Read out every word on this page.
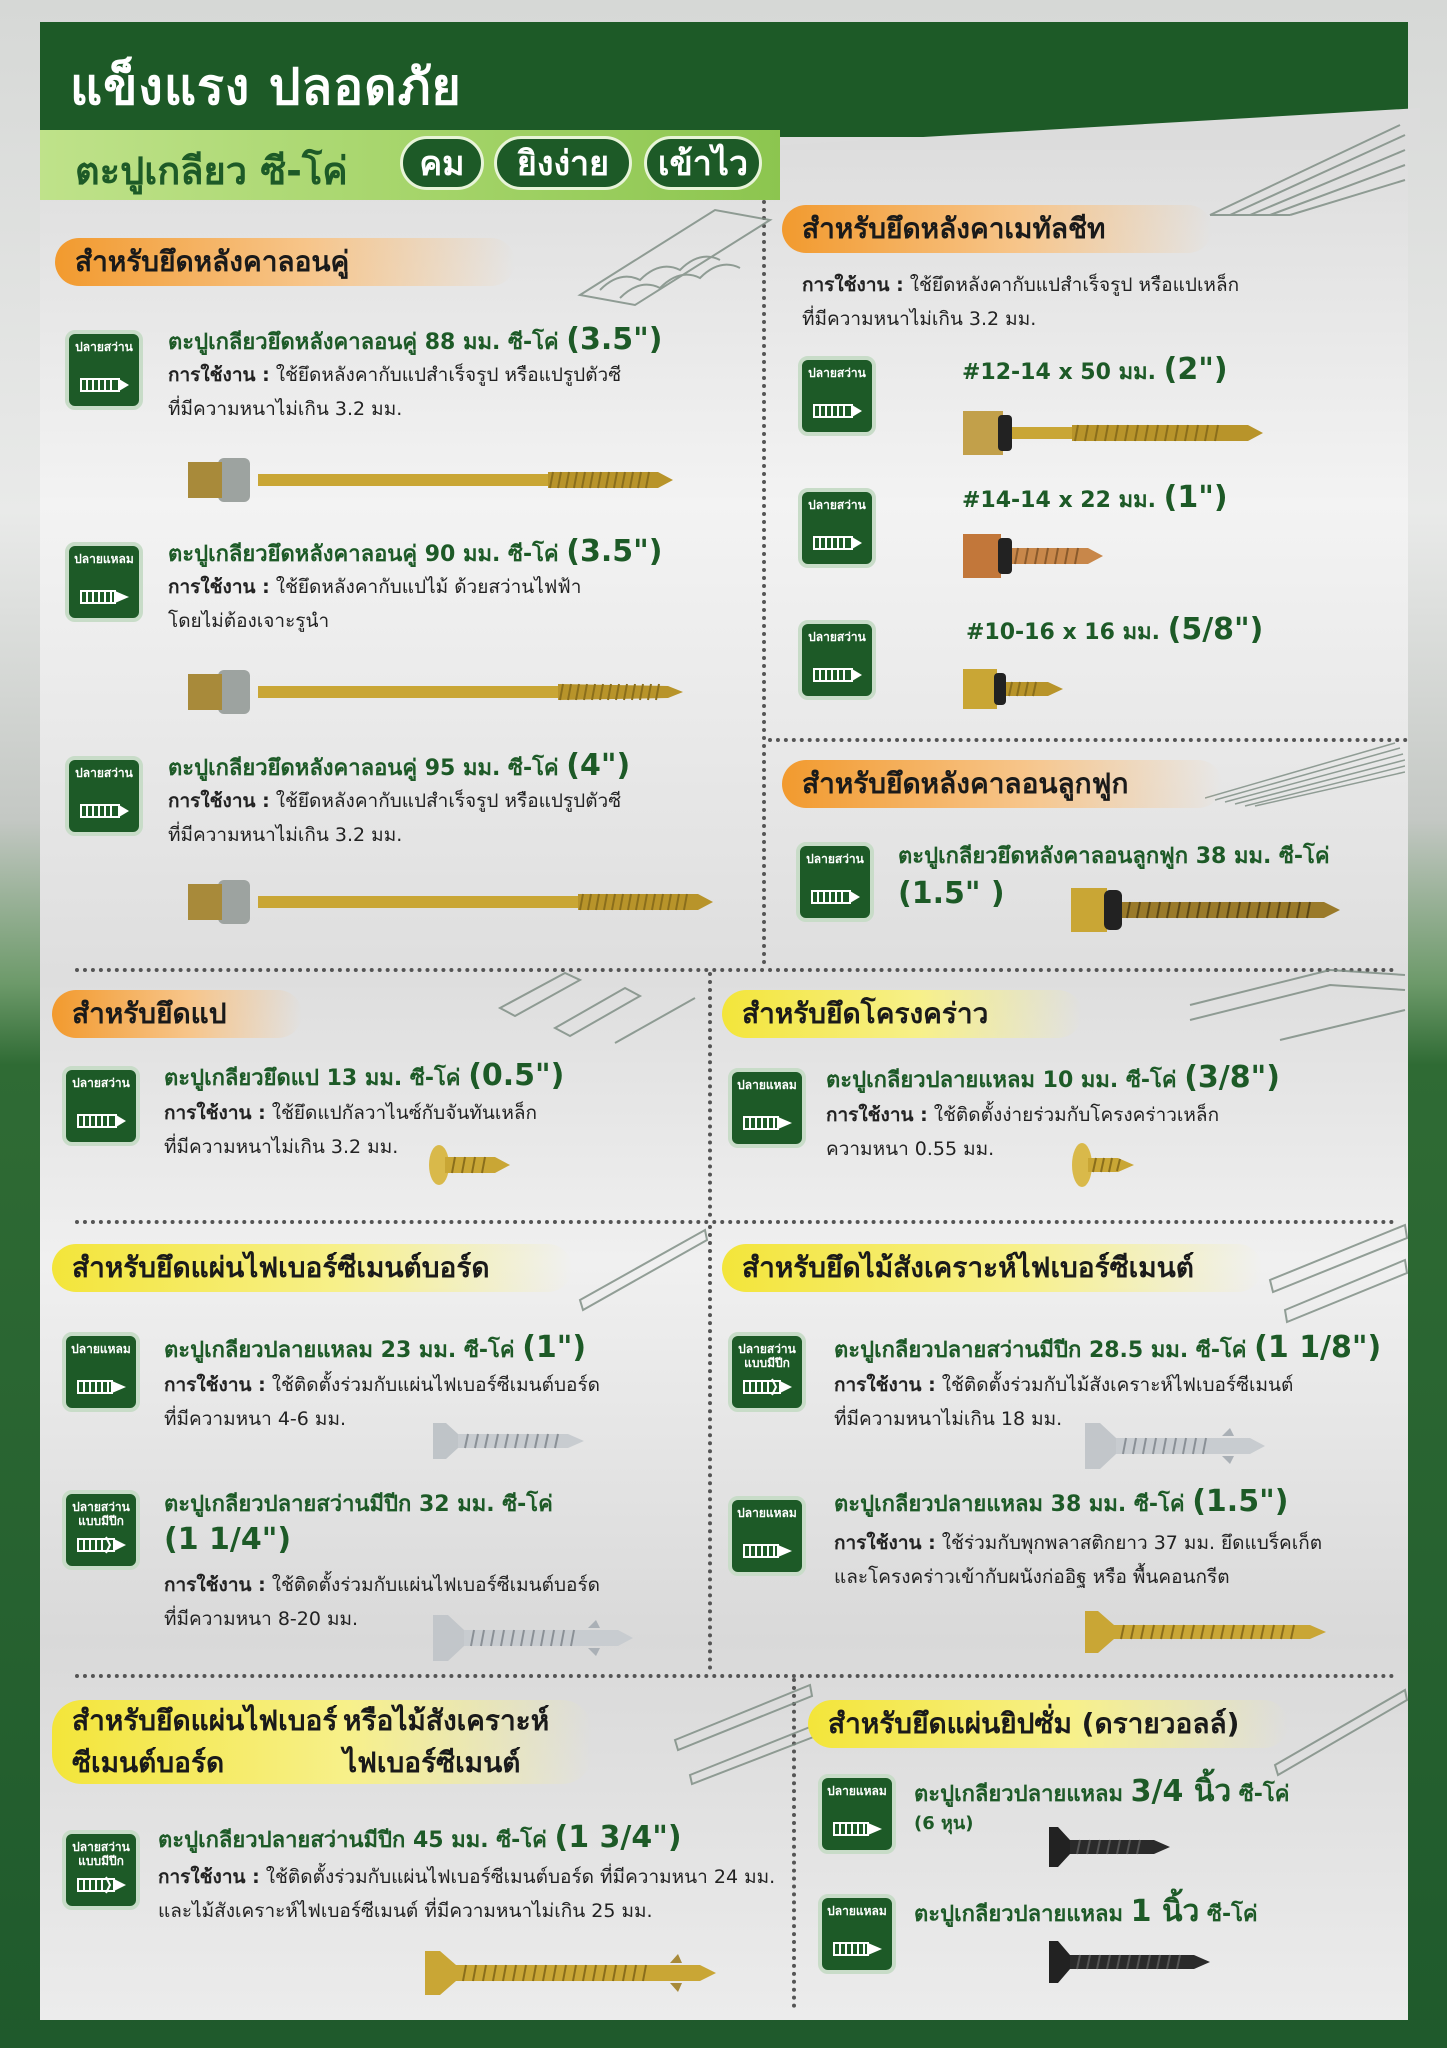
แข็งแรง ปลอดภัย
ตะปูเกลียว ซี-โค่	คม	ยิงง่าย	เข้าไว
สำหรับยึดหลังคาลอนคู่
ปลายสว่าน ตะปูเกลียวยึดหลังคาลอนคู่ 88 มม. ซี-โค่ (3.5")
การใช้งาน : ใช้ยึดหลังคากับแปสำเร็จรูป หรือแปรูปตัวซี
ที่มีความหนาไม่เกิน 3.2 มม.
ปลายแหลม ตะปูเกลียวยึดหลังคาลอนคู่ 90 มม. ซี-โค่ (3.5")
การใช้งาน : ใช้ยึดหลังคากับแปไม้ ด้วยสว่านไฟฟ้า
โดยไม่ต้องเจาะรูนำ
ปลายสว่าน ตะปูเกลียวยึดหลังคาลอนคู่ 95 มม. ซี-โค่ (4")
การใช้งาน : ใช้ยึดหลังคากับแปสำเร็จรูป หรือแปรูปตัวซี
ที่มีความหนาไม่เกิน 3.2 มม.
สำหรับยึดหลังคาเมทัลชีท
การใช้งาน : ใช้ยึดหลังคากับแปสำเร็จรูป หรือแปเหล็ก
ที่มีความหนาไม่เกิน 3.2 มม.
ปลายสว่าน	#12-14 x 50 มม. (2")
ปลายสว่าน	#14-14 x 22 มม. (1")
ปลายสว่าน	#10-16 x 16 มม. (5/8")
สำหรับยึดหลังคาลอนลูกฟูก
ปลายสว่าน ตะปูเกลียวยึดหลังคาลอนลูกฟูก 38 มม. ซี-โค่
(1.5" )
สำหรับยึดแป
ปลายสว่าน ตะปูเกลียวยึดแป 13 มม. ซี-โค่ (0.5")
การใช้งาน : ใช้ยึดแปกัลวาไนซ์กับจันทันเหล็ก
ที่มีความหนาไม่เกิน 3.2 มม.
สำหรับยึดโครงคร่าว
ปลายแหลม ตะปูเกลียวปลายแหลม 10 มม. ซี-โค่ (3/8")
การใช้งาน : ใช้ติดตั้งง่ายร่วมกับโครงคร่าวเหล็ก
ความหนา 0.55 มม.
สำหรับยึดแผ่นไฟเบอร์ซีเมนต์บอร์ด
ปลายแหลม ตะปูเกลียวปลายแหลม 23 มม. ซี-โค่ (1")
การใช้งาน : ใช้ติดตั้งร่วมกับแผ่นไฟเบอร์ซีเมนต์บอร์ด
ที่มีความหนา 4-6 มม.
ปลายสว่าน
แบบมีปีก
ตะปูเกลียวปลายสว่านมีปีก 32 มม. ซี-โค่
(1 1/4")
การใช้งาน : ใช้ติดตั้งร่วมกับแผ่นไฟเบอร์ซีเมนต์บอร์ด
ที่มีความหนา 8-20 มม.
สำหรับยึดไม้สังเคราะห์ไฟเบอร์ซีเมนต์
ปลายสว่าน
แบบมีปีก	ตะปูเกลียวปลายสว่านมีปีก 28.5 มม. ซี-โค่ (1 1/8")
การใช้งาน : ใช้ติดตั้งร่วมกับไม้สังเคราะห์ไฟเบอร์ซีเมนต์
ที่มีความหนาไม่เกิน 18 มม.
ปลายแหลม ตะปูเกลียวปลายแหลม 38 มม. ซี-โค่ (1.5")
การใช้งาน : ใช้ร่วมกับพุกพลาสติกยาว 37 มม. ยึดแบร็คเก็ต
และโครงคร่าวเข้ากับผนังก่ออิฐ หรือ พื้นคอนกรีต
สำหรับยึดแผ่นไฟเบอร์ซีเมนต์บอร์ด

หรือไม้สังเคราะห์ไฟเบอร์ซีเมนต์
ปลายสว่าน
แบบมีปีก
ตะปูเกลียวปลายสว่านมีปีก 45 มม. ซี-โค่ (1 3/4")
การใช้งาน : ใช้ติดตั้งร่วมกับแผ่นไฟเบอร์ซีเมนต์บอร์ด ที่มีความหนา 24 มม.
และไม้สังเคราะห์ไฟเบอร์ซีเมนต์ ที่มีความหนาไม่เกิน 25 มม.
สำหรับยึดแผ่นยิปซั่ม (ดรายวอลล์)
ปลายแหลม ตะปูเกลียวปลายแหลม 3/4 นิ้ว ซี-โค่
(6 หุน)
ปลายแหลม ตะปูเกลียวปลายแหลม 1 นิ้ว ซี-โค่
